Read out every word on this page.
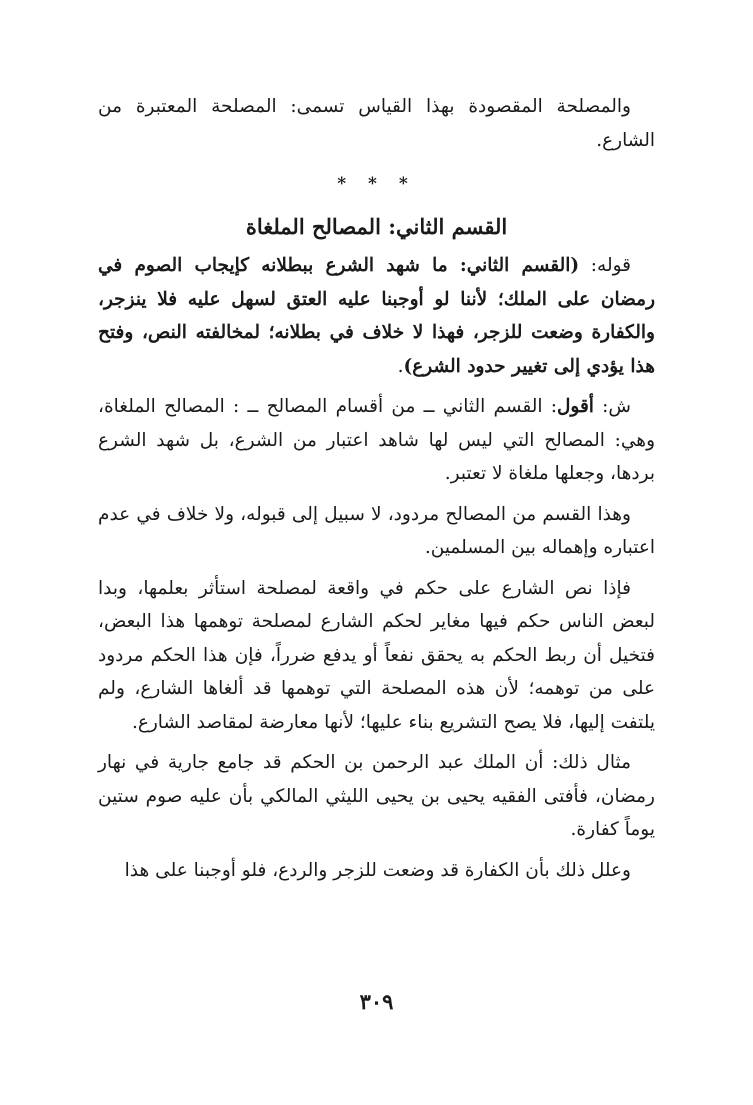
والمصلحة المقصودة بهذا القياس تسمى: المصلحة المعتبرة من الشارع.

* * *
القسم الثاني: المصالح الملغاة

قوله: (القسم الثاني: ما شهد الشرع ببطلانه كإيجاب الصوم في رمضان على الملك؛ لأننا لو أوجبنا عليه العتق لسهل عليه فلا ينزجر، والكفارة وضعت للزجر، فهذا لا خلاف في بطلانه؛ لمخالفته النص، وفتح هذا يؤدي إلى تغيير حدود الشرع).

ش: أقول: القسم الثاني ــ من أقسام المصالح ــ : المصالح الملغاة، وهي: المصالح التي ليس لها شاهد اعتبار من الشرع، بل شهد الشرع بردها، وجعلها ملغاة لا تعتبر.

وهذا القسم من المصالح مردود، لا سبيل إلى قبوله، ولا خلاف في عدم اعتباره وإهماله بين المسلمين.

فإذا نص الشارع على حكم في واقعة لمصلحة استأثر بعلمها، وبدا لبعض الناس حكم فيها مغاير لحكم الشارع لمصلحة توهمها هذا البعض، فتخيل أن ربط الحكم به يحقق نفعاً أو يدفع ضرراً، فإن هذا الحكم مردود على من توهمه؛ لأن هذه المصلحة التي توهمها قد ألغاها الشارع، ولم يلتفت إليها، فلا يصح التشريع بناء عليها؛ لأنها معارضة لمقاصد الشارع.

مثال ذلك: أن الملك عبد الرحمن بن الحكم قد جامع جارية في نهار رمضان، فأفتى الفقيه يحيى بن يحيى الليثي المالكي بأن عليه صوم ستين يوماً كفارة.

وعلل ذلك بأن الكفارة قد وضعت للزجر والردع، فلو أوجبنا على هذا

٣٠٩
